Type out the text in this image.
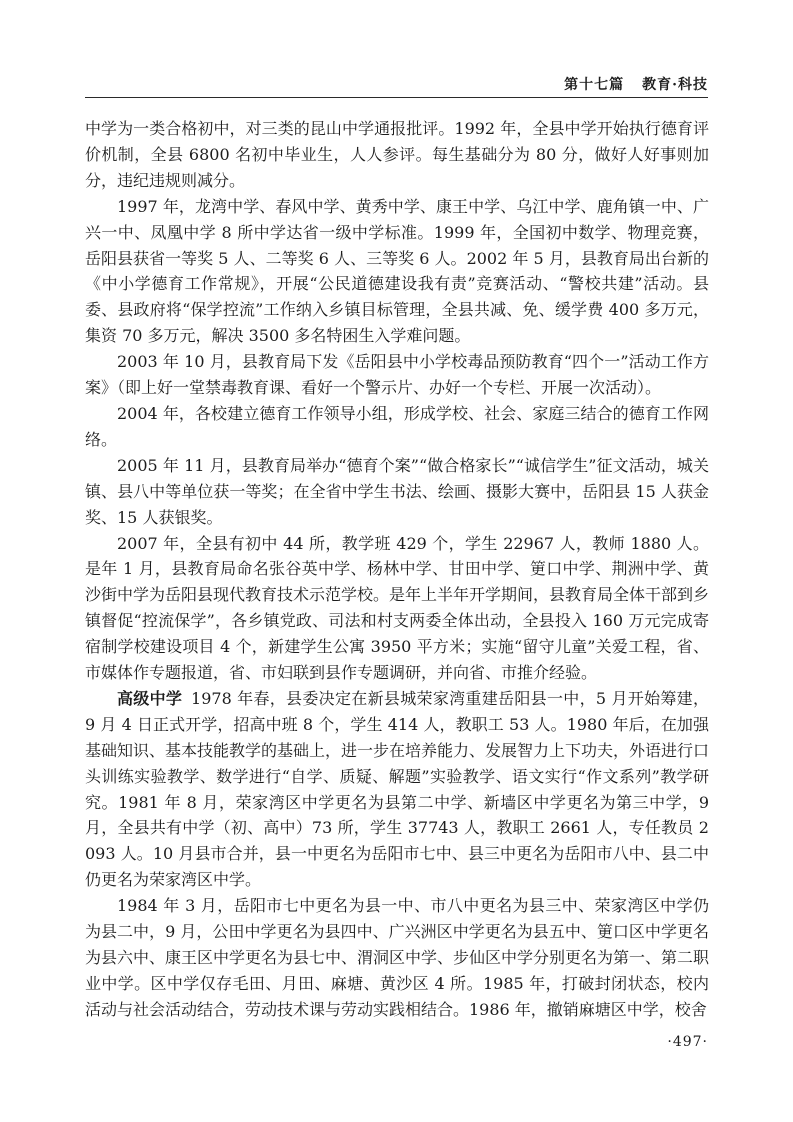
第十七篇 教育·科技

中学为一类合格初中，对三类的昆山中学通报批评。1992 年，全县中学开始执行德育评价机制，全县 6800 名初中毕业生，人人参评。每生基础分为 80 分，做好人好事则加分，违纪违规则减分。

1997 年，龙湾中学、春风中学、黄秀中学、康王中学、乌江中学、鹿角镇一中、广兴一中、凤凰中学 8 所中学达省一级中学标准。1999 年，全国初中数学、物理竞赛，岳阳县获省一等奖 5 人、二等奖 6 人、三等奖 6 人。2002 年 5 月，县教育局出台新的《中小学德育工作常规》，开展“公民道德建设我有责”竞赛活动、“警校共建”活动。县委、县政府将“保学控流”工作纳入乡镇目标管理，全县共减、免、缓学费 400 多万元，集资 70 多万元，解决 3500 多名特困生入学难问题。

2003 年 10 月，县教育局下发《岳阳县中小学校毒品预防教育“四个一”活动工作方案》（即上好一堂禁毒教育课、看好一个警示片、办好一个专栏、开展一次活动）。

2004 年，各校建立德育工作领导小组，形成学校、社会、家庭三结合的德育工作网络。

2005 年 11 月，县教育局举办“德育个案”“做合格家长”“诚信学生”征文活动，城关镇、县八中等单位获一等奖；在全省中学生书法、绘画、摄影大赛中，岳阳县 15 人获金奖、15 人获银奖。

2007 年，全县有初中 44 所，教学班 429 个，学生 22967 人，教师 1880 人。是年 1 月，县教育局命名张谷英中学、杨林中学、甘田中学、筻口中学、荆洲中学、黄沙街中学为岳阳县现代教育技术示范学校。是年上半年开学期间，县教育局全体干部到乡镇督促“控流保学”，各乡镇党政、司法和村支两委全体出动，全县投入 160 万元完成寄宿制学校建设项目 4 个，新建学生公寓 3950 平方米；实施“留守儿童”关爱工程，省、市媒体作专题报道，省、市妇联到县作专题调研，并向省、市推介经验。

高级中学 1978 年春，县委决定在新县城荣家湾重建岳阳县一中，5 月开始筹建，9 月 4 日正式开学，招高中班 8 个，学生 414 人，教职工 53 人。1980 年后，在加强基础知识、基本技能教学的基础上，进一步在培养能力、发展智力上下功夫，外语进行口头训练实验教学、数学进行“自学、质疑、解题”实验教学、语文实行“作文系列”教学研究。1981 年 8 月，荣家湾区中学更名为县第二中学、新墙区中学更名为第三中学，9 月，全县共有中学（初、高中）73 所，学生 37743 人，教职工 2661 人，专任教员 2093 人。10 月县市合并，县一中更名为岳阳市七中、县三中更名为岳阳市八中、县二中仍更名为荣家湾区中学。

1984 年 3 月，岳阳市七中更名为县一中、市八中更名为县三中、荣家湾区中学仍为县二中，9 月，公田中学更名为县四中、广兴洲区中学更名为县五中、筻口区中学更名为县六中、康王区中学更名为县七中、渭洞区中学、步仙区中学分别更名为第一、第二职业中学。区中学仅存毛田、月田、麻塘、黄沙区 4 所。1985 年，打破封闭状态，校内活动与社会活动结合，劳动技术课与劳动实践相结合。1986 年，撤销麻塘区中学，校舍

·497·
